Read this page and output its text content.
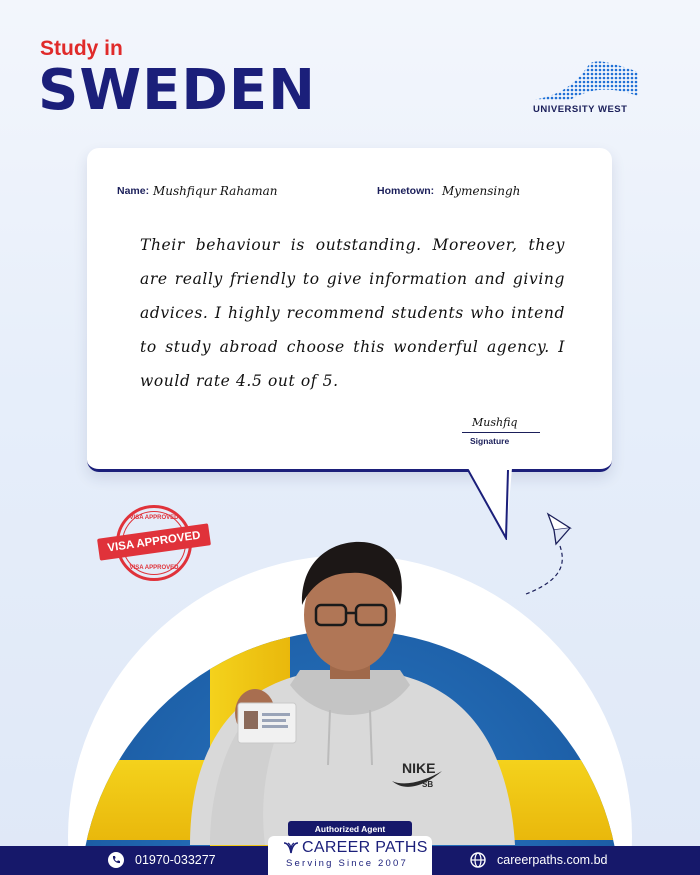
Study in
SWEDEN	UNIVERSITY WEST
Name: Mushfiqur Rahaman	Hometown: Mymensingh
Their behaviour is outstanding. Moreover, they are really friendly to give information and giving advices. I highly recommend students who intend to study abroad choose this wonderful agency. I would rate 4.5 out of 5.
Mushfiq
Signature
VISA APPROVED
VISA APPROVED
VISA APPROVED
NIKE
SB
01970-033277	careerpaths.com.bd
Authorized Agent
CAREER PATHS
Serving Since 2007
